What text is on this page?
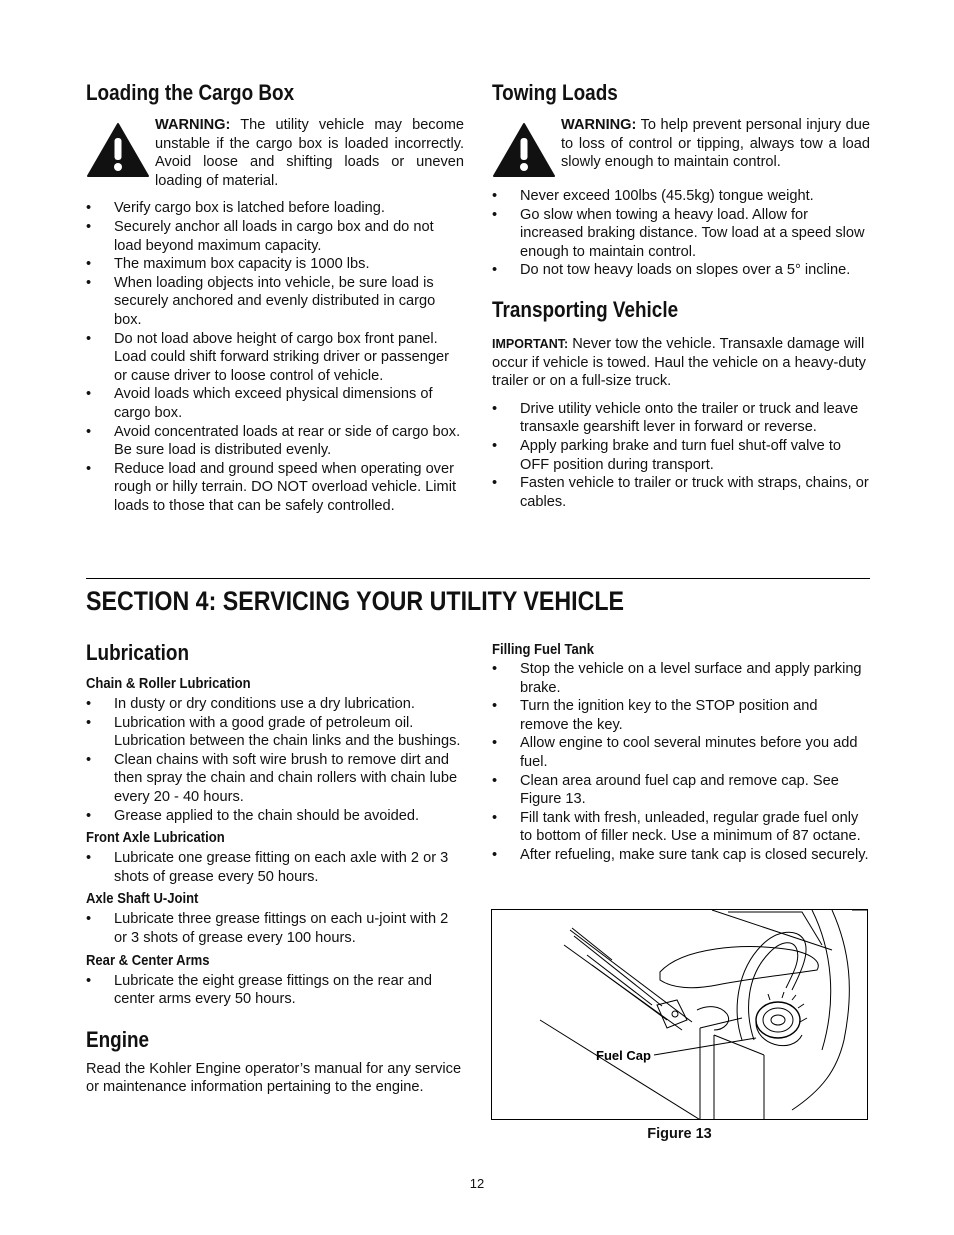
Loading the Cargo Box
WARNING: The utility vehicle may become unstable if the cargo box is loaded incorrectly. Avoid loose and shifting loads or uneven loading of material.
• Verify cargo box is latched before loading.
• Securely anchor all loads in cargo box and do not load beyond maximum capacity.
• The maximum box capacity is 1000 lbs.
• When loading objects into vehicle, be sure load is securely anchored and evenly distributed in cargo box.
• Do not load above height of cargo box front panel. Load could shift forward striking driver or passenger or cause driver to loose control of vehicle.
• Avoid loads which exceed physical dimensions of cargo box.
• Avoid concentrated loads at rear or side of cargo box. Be sure load is distributed evenly.
• Reduce load and ground speed when operating over rough or hilly terrain. DO NOT overload vehicle. Limit loads to those that can be safely controlled.
Towing Loads
WARNING: To help prevent personal injury due to loss of control or tipping, always tow a load slowly enough to maintain control.
• Never exceed 100lbs (45.5kg) tongue weight.
• Go slow when towing a heavy load. Allow for increased braking distance. Tow load at a speed slow enough to maintain control.
• Do not tow heavy loads on slopes over a 5° incline.
Transporting Vehicle
IMPORTANT: Never tow the vehicle. Transaxle damage will occur if vehicle is towed. Haul the vehicle on a heavy-duty trailer or on a full-size truck.
• Drive utility vehicle onto the trailer or truck and leave transaxle gearshift lever in forward or reverse.
• Apply parking brake and turn fuel shut-off valve to OFF position during transport.
• Fasten vehicle to trailer or truck with straps, chains, or cables.
SECTION 4: SERVICING YOUR UTILITY VEHICLE
Lubrication
Chain & Roller Lubrication
• In dusty or dry conditions use a dry lubrication.
• Lubrication with a good grade of petroleum oil. Lubrication between the chain links and the bushings.
• Clean chains with soft wire brush to remove dirt and then spray the chain and chain rollers with chain lube every 20 - 40 hours.
• Grease applied to the chain should be avoided.
Front Axle Lubrication
• Lubricate one grease fitting on each axle with 2 or 3 shots of grease every 50 hours.
Axle Shaft U-Joint
• Lubricate three grease fittings on each u-joint with 2 or 3 shots of grease every 100 hours.
Rear & Center Arms
• Lubricate the eight grease fittings on the rear and center arms every 50 hours.
Engine
Read the Kohler Engine operator’s manual for any service or maintenance information pertaining to the engine.
Filling Fuel Tank
• Stop the vehicle on a level surface and apply parking brake.
• Turn the ignition key to the STOP position and remove the key.
• Allow engine to cool several minutes before you add fuel.
• Clean area around fuel cap and remove cap. See Figure 13.
• Fill tank with fresh, unleaded, regular grade fuel only to bottom of filler neck. Use a minimum of 87 octane.
• After refueling, make sure tank cap is closed securely.
Fuel Cap
Figure 13
12
